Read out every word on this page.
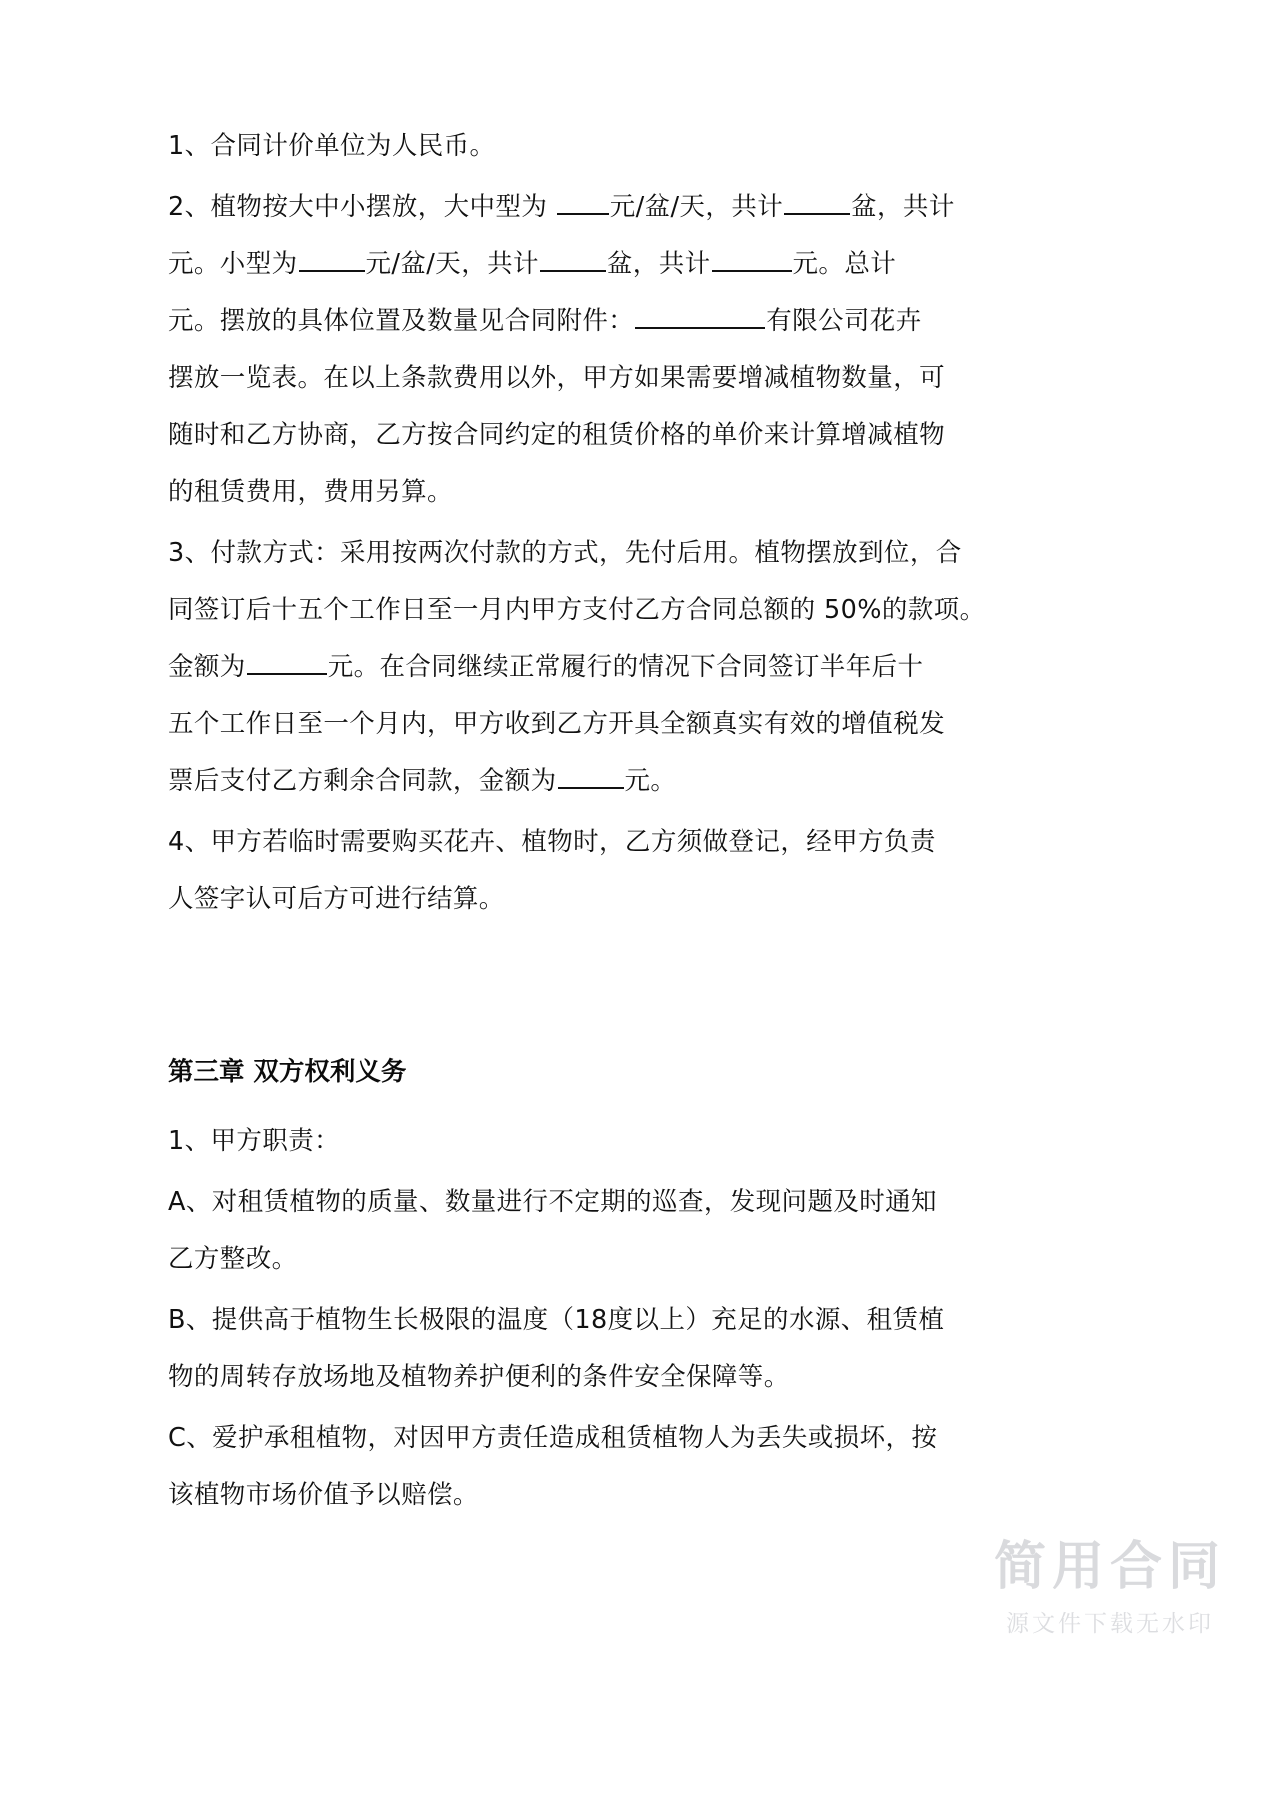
1、合同计价单位为人民币。
2、植物按大中小摆放，大中型为 元/盆/天，共计	盆，共计
元。小型为	元/盆/天，共计	盆，共计	元。总计
元。摆放的具体位置及数量见合同附件：	有限公司花卉
摆放一览表。在以上条款费用以外，甲方如果需要增减植物数量，可
随时和乙方协商，乙方按合同约定的租赁价格的单价来计算增减植物
的租赁费用，费用另算。
3、付款方式：采用按两次付款的方式，先付后用。植物摆放到位，合
同签订后十五个工作日至一月内甲方支付乙方合同总额的 50%的款项。
金额为	元。在合同继续正常履行的情况下合同签订半年后十
五个工作日至一个月内，甲方收到乙方开具全额真实有效的增值税发
票后支付乙方剩余合同款，金额为	元。
4、甲方若临时需要购买花卉、植物时，乙方须做登记，经甲方负责
人签字认可后方可进行结算。
第三章 双方权利义务
1、甲方职责：
A、对租赁植物的质量、数量进行不定期的巡查，发现问题及时通知
乙方整改。
B、提供高于植物生长极限的温度（18度以上）充足的水源、租赁植
物的周转存放场地及植物养护便利的条件安全保障等。
C、爱护承租植物，对因甲方责任造成租赁植物人为丢失或损坏，按
该植物市场价值予以赔偿。
简用合同
源文件下载无水印
